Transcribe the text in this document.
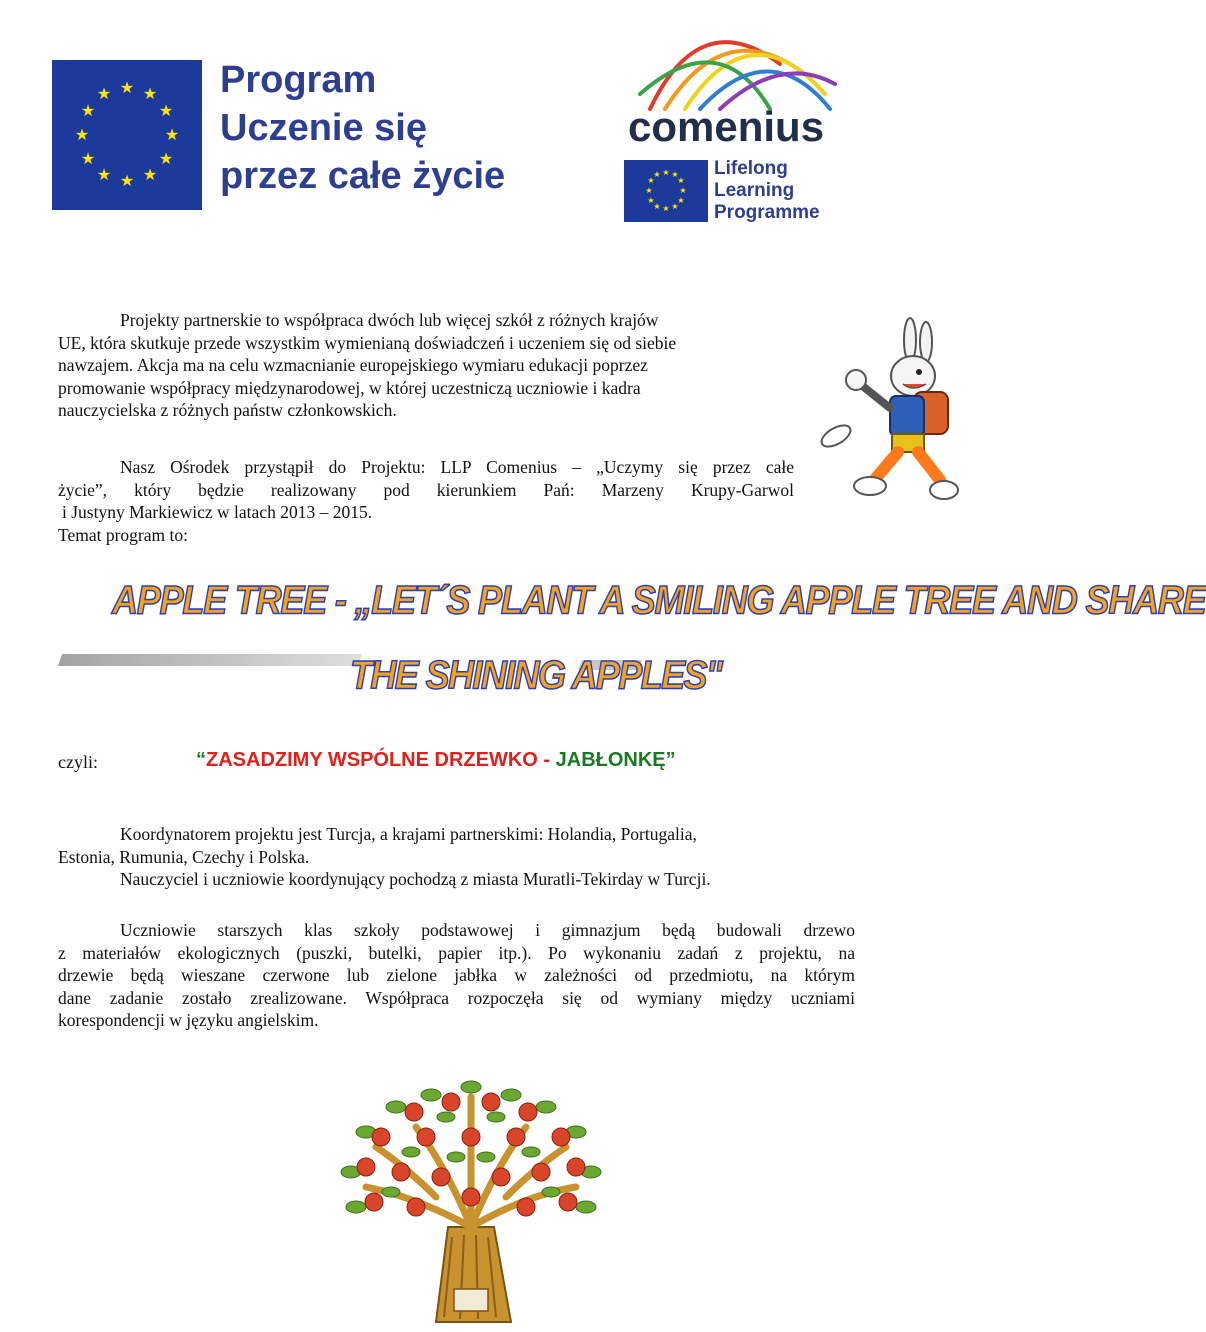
★ ★
★
★
★
★
★
★
★
★
★
★	Program
Uczenie się
przez całe życie
comenius
★ ★
★
★
★
★
★
★
★
★
★
★	Lifelong
Learning
Programme
Projekty partnerskie to współpraca dwóch lub więcej szkół z różnych krajów
UE, która skutkuje przede wszystkim wymienianą doświadczeń i uczeniem się od siebie
nawzajem. Akcja ma na celu wzmacnianie europejskiego wymiaru edukacji poprzez
promowanie współpracy międzynarodowej, w której uczestniczą uczniowie i kadra
nauczycielska z różnych państw członkowskich.
Nasz Ośrodek przystąpił do Projektu: LLP Comenius – „Uczymy się przez całe
życie”, który będzie realizowany pod kierunkiem Pań: Marzeny Krupy-Garwol
i Justyny Markiewicz w latach 2013 – 2015.
Temat program to:
APPLE TREE - „LET´S PLANT A SMILING APPLE TREE AND SHARE
THE SHINING APPLES"
czyli:	“ZASADZIMY WSPÓLNE DRZEWKO - JABŁONKĘ”
Koordynatorem projektu jest Turcja, a krajami partnerskimi: Holandia, Portugalia,
Estonia, Rumunia, Czechy i Polska.
Nauczyciel i uczniowie koordynujący pochodzą z miasta Muratli-Tekirday w Turcji.
Uczniowie starszych klas szkoły podstawowej i gimnazjum będą budowali drzewo
z materiałów ekologicznych (puszki, butelki, papier itp.). Po wykonaniu zadań z projektu, na
drzewie będą wieszane czerwone lub zielone jabłka w zależności od przedmiotu, na którym
dane zadanie zostało zrealizowane. Współpraca rozpoczęła się od wymiany między uczniami
korespondencji w języku angielskim.
